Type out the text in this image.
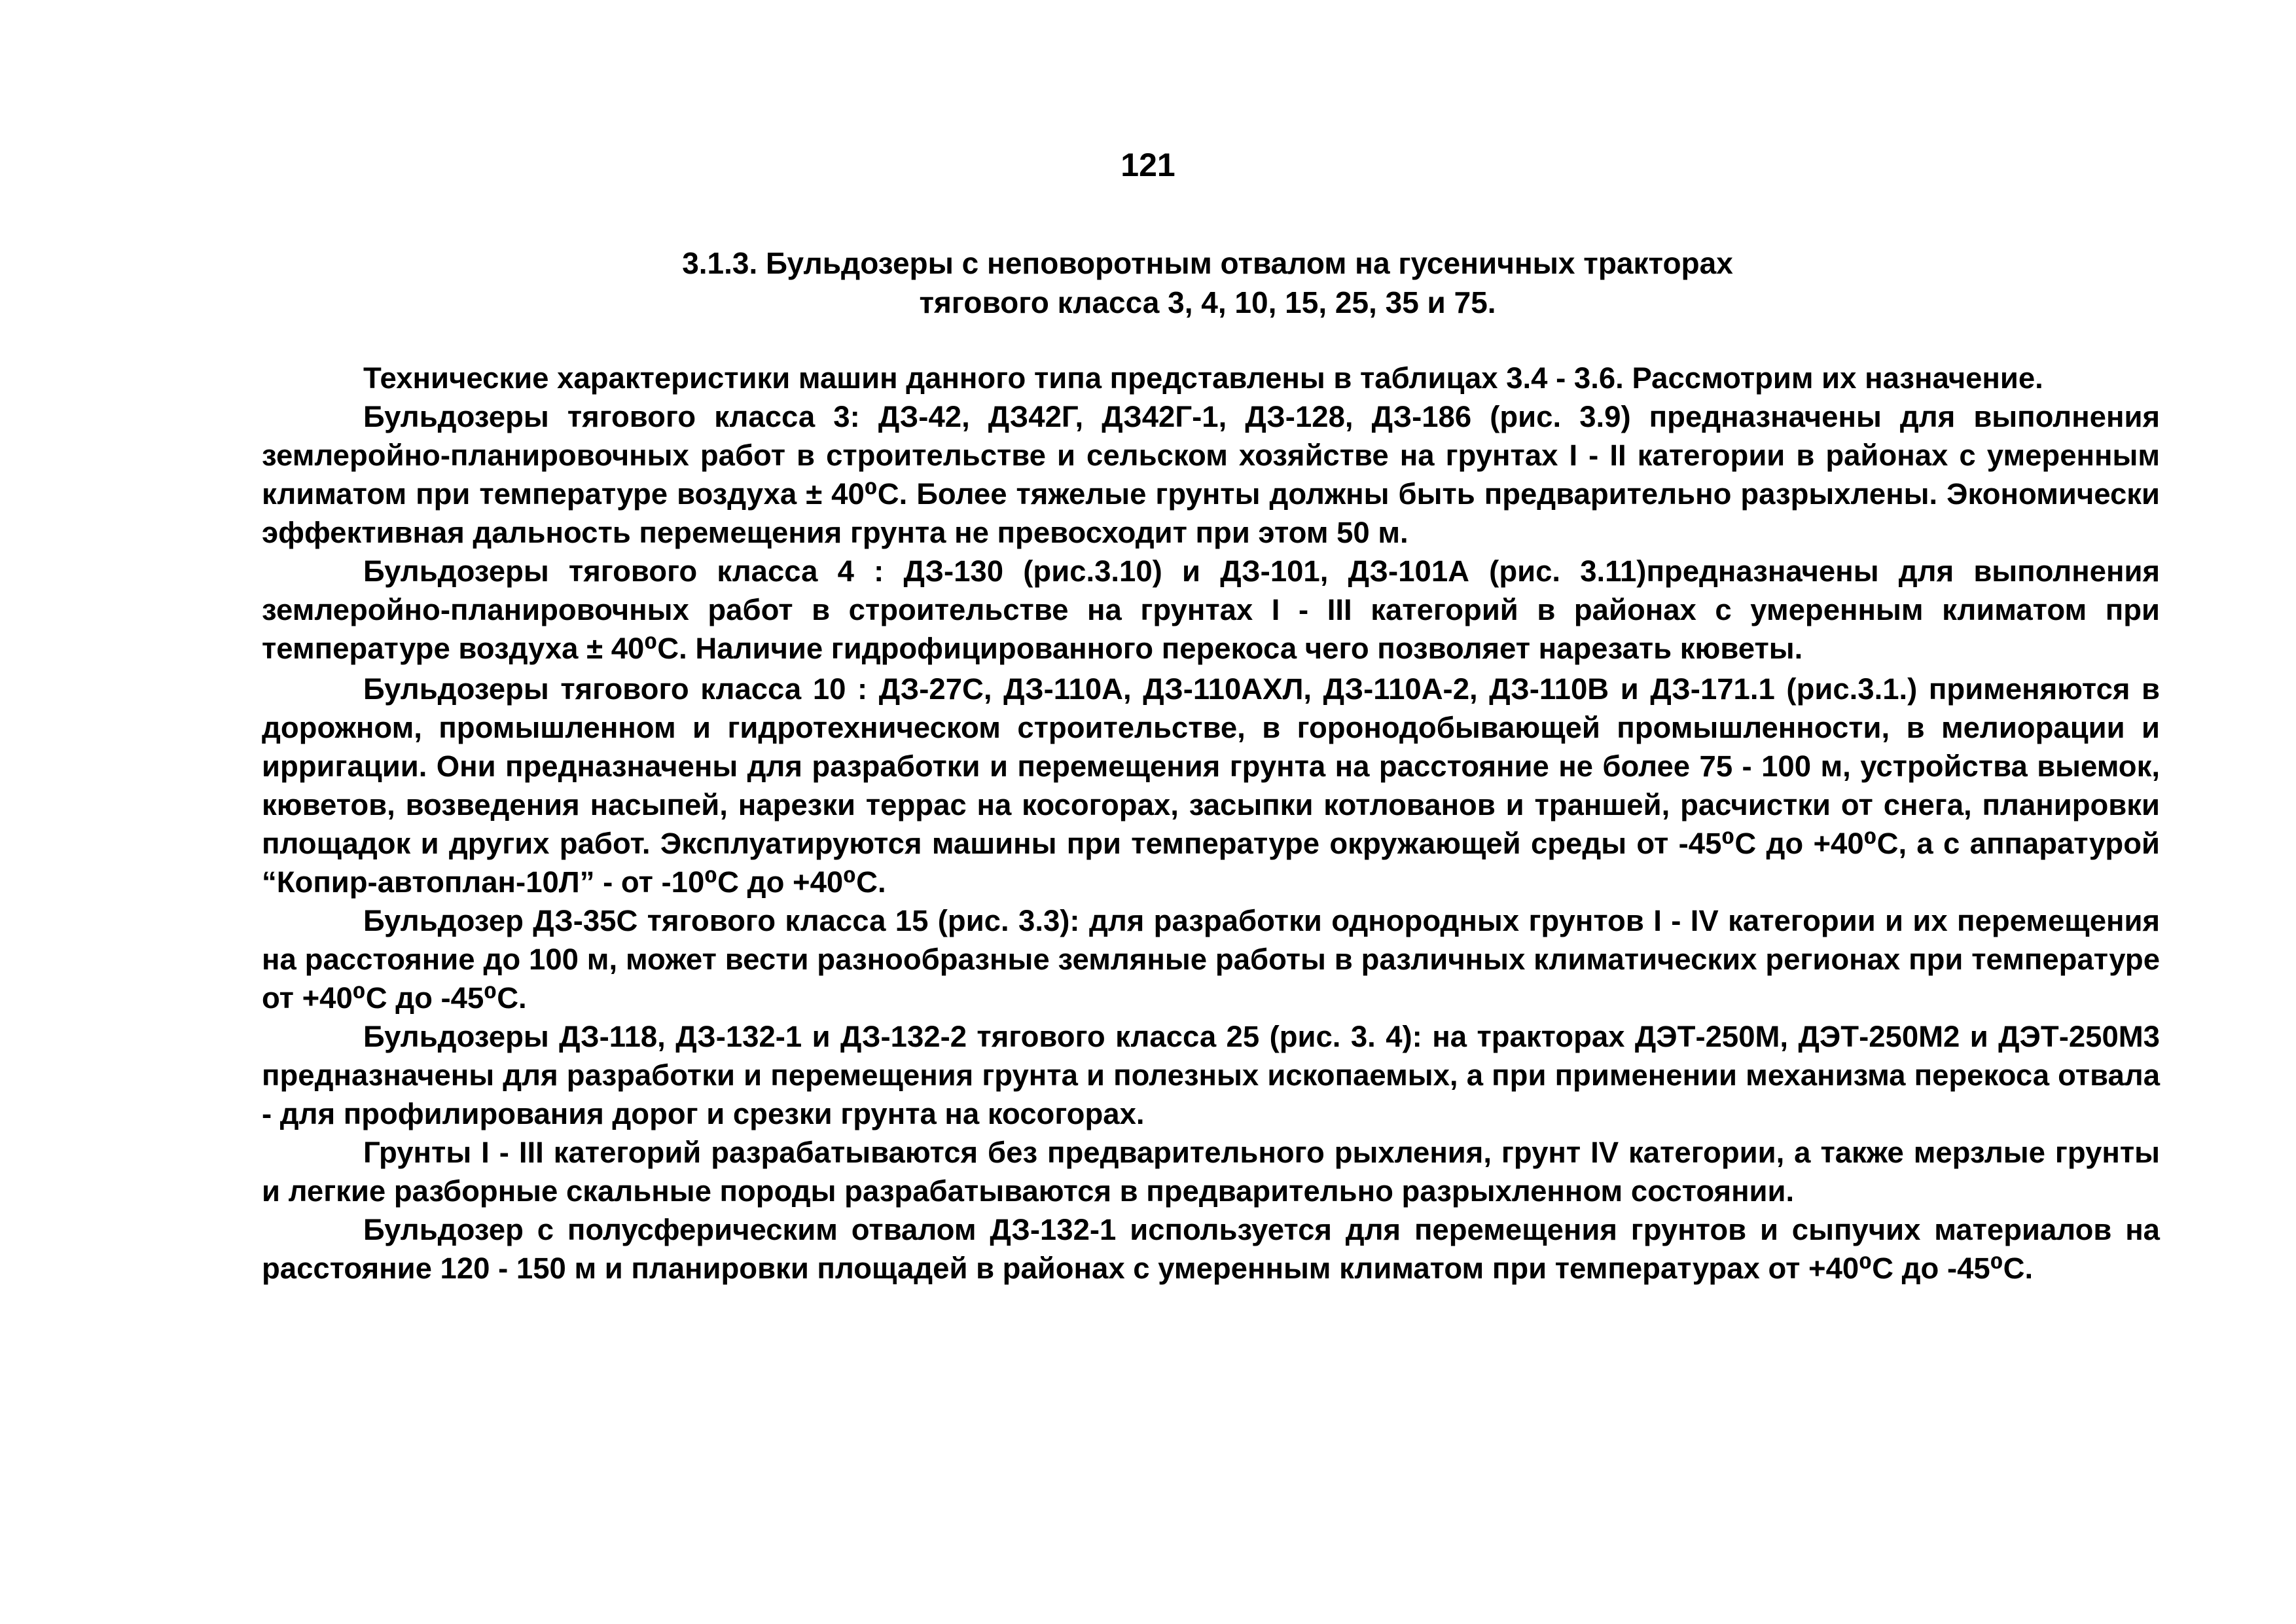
121
3.1.3. Бульдозеры с неповоротным отвалом на гусеничных тракторах
тягового класса 3, 4, 10, 15, 25, 35 и 75.

Технические характеристики машин данного типа представлены в таблицах 3.4 - 3.6. Рассмотрим их назначение.

Бульдозеры тягового класса 3: ДЗ-42, ДЗ42Г, ДЗ42Г-1, ДЗ-128, ДЗ-186 (рис. 3.9) предназначены для выполнения землеройно-планировочных работ в строительстве и сельском хозяйстве на грунтах I - II категории в районах с умеренным климатом при температуре воздуха ± 40⁰С. Более тяжелые грунты должны быть предварительно разрыхлены. Экономически эффективная дальность перемещения грунта не превосходит при этом 50 м.

Бульдозеры тягового класса 4 : ДЗ-130 (рис.3.10) и ДЗ-101, ДЗ-101А (рис. 3.11)предназначены для выполнения землеройно-планировочных работ в строительстве на грунтах I - III категорий в районах с умеренным климатом при температуре воздуха ± 40⁰С. Наличие гидрофицированного перекоса чего позволяет нарезать кюветы.

Бульдозеры тягового класса 10 : ДЗ-27С, ДЗ-110А, ДЗ-110АХЛ, ДЗ-110А-2, ДЗ-110В и ДЗ-171.1 (рис.3.1.) применяются в дорожном, промышленном и гидротехническом строительстве, в горонодобывающей промышленности, в мелиорации и ирригации. Они предназначены для разработки и перемещения грунта на расстояние не более 75 - 100 м, устройства выемок, кюветов, возведения насыпей, нарезки террас на косогорах, засыпки котлованов и траншей, расчистки от снега, планировки площадок и других работ. Эксплуатируются машины при температуре окружающей среды от -45⁰С до +40⁰С, а с аппаратурой “Копир-автоплан-10Л” - от -10⁰С до +40⁰С.

Бульдозер ДЗ-35С тягового класса 15 (рис. 3.3): для разработки однородных грунтов I - IV категории и их перемещения на расстояние до 100 м, может вести разнообразные земляные работы в различных климатических регионах при температуре от +40⁰С до -45⁰С.

Бульдозеры ДЗ-118, ДЗ-132-1 и ДЗ-132-2 тягового класса 25 (рис. 3. 4): на тракторах ДЭТ-250М, ДЭТ-250М2 и ДЭТ-250М3 предназначены для разработки и перемещения грунта и полезных ископаемых, а при применении механизма перекоса отвала - для профилирования дорог и срезки грунта на косогорах.

Грунты I - III категорий разрабатываются без предварительного рыхления, грунт IV категории, а также мерзлые грунты и легкие разборные скальные породы разрабатываются в предварительно разрыхленном состоянии.

Бульдозер с полусферическим отвалом ДЗ-132-1 используется для перемещения грунтов и сыпучих материалов на расстояние 120 - 150 м и планировки площадей в районах с умеренным климатом при температурах от +40⁰С до -45⁰С.
